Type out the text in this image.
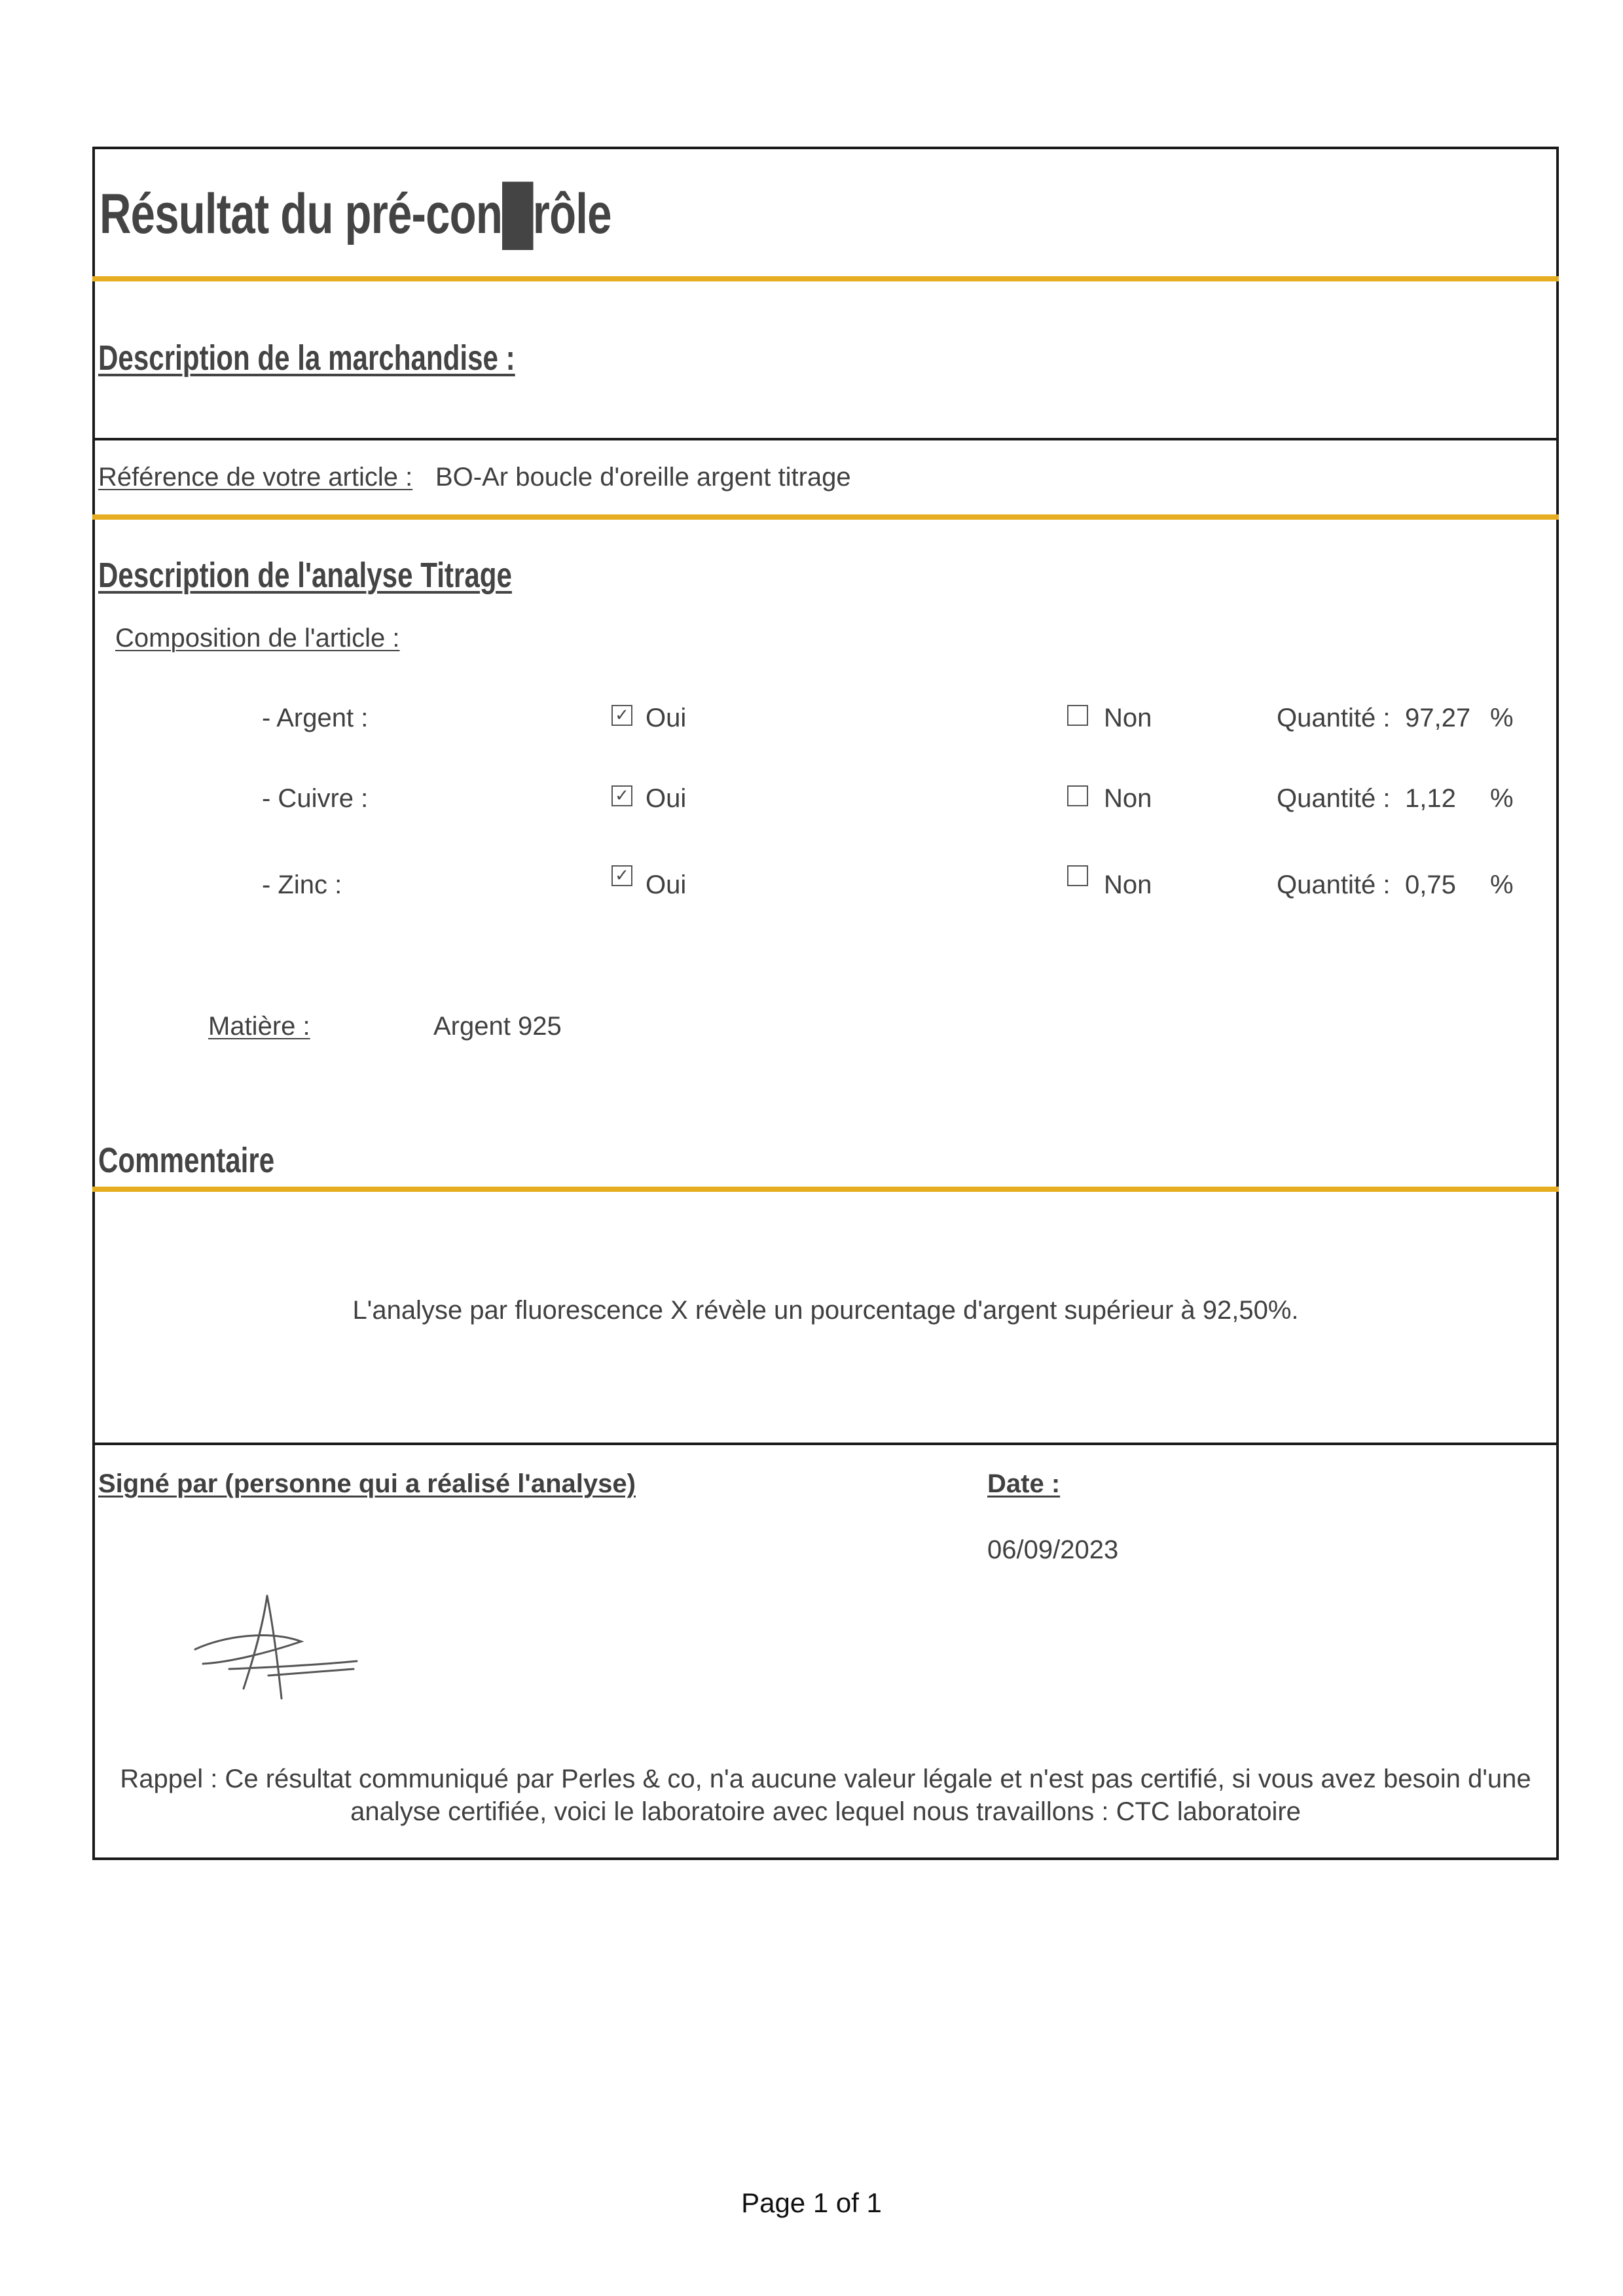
Résultat du pré-con█rôle
Description de la marchandise :
Référence de votre article : BO-Ar boucle d'oreille argent titrage
Description de l'analyse Titrage
Composition de l'article :
- Argent :	✓ Oui	Non	Quantité : 97,27 %
- Cuivre :	✓ Oui	Non	Quantité : 1,12 %
- Zinc :	✓ Oui	Non	Quantité : 0,75 %
Matière :	Argent 925
Commentaire
L'analyse par fluorescence X révèle un pourcentage d'argent supérieur à 92,50%.
Signé par (personne qui a réalisé l'analyse)	Date :
06/09/2023
Rappel : Ce résultat communiqué par Perles & co, n'a aucune valeur légale et n'est pas certifié, si vous avez besoin d'une
analyse certifiée, voici le laboratoire avec lequel nous travaillons : CTC laboratoire
Page 1 of 1
